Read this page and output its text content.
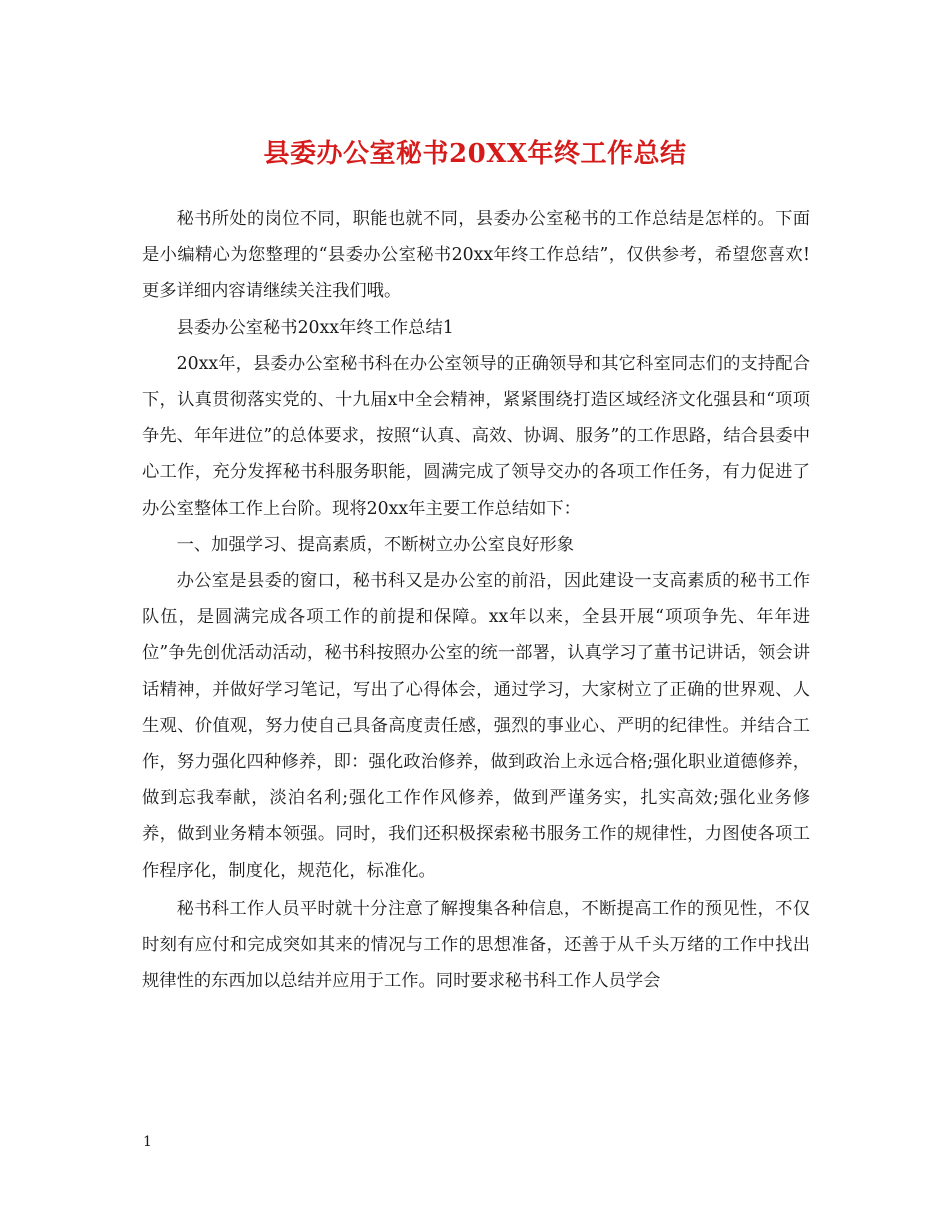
县委办公室秘书20XX年终工作总结

秘书所处的岗位不同，职能也就不同，县委办公室秘书的工作总结是怎样的。下面是小编精心为您整理的“县委办公室秘书20xx年终工作总结”，仅供参考，希望您喜欢!更多详细内容请继续关注我们哦。

县委办公室秘书20xx年终工作总结1

20xx年，县委办公室秘书科在办公室领导的正确领导和其它科室同志们的支持配合下，认真贯彻落实党的、十九届x中全会精神，紧紧围绕打造区域经济文化强县和“项项争先、年年进位”的总体要求，按照“认真、高效、协调、服务”的工作思路，结合县委中心工作，充分发挥秘书科服务职能，圆满完成了领导交办的各项工作任务，有力促进了办公室整体工作上台阶。现将20xx年主要工作总结如下：

一、加强学习、提高素质，不断树立办公室良好形象

办公室是县委的窗口，秘书科又是办公室的前沿，因此建设一支高素质的秘书工作队伍，是圆满完成各项工作的前提和保障。xx年以来，全县开展“项项争先、年年进位”争先创优活动活动，秘书科按照办公室的统一部署，认真学习了董书记讲话，领会讲话精神，并做好学习笔记，写出了心得体会，通过学习，大家树立了正确的世界观、人生观、价值观，努力使自己具备高度责任感，强烈的事业心、严明的纪律性。并结合工作，努力强化四种修养，即：强化政治修养，做到政治上永远合格;强化职业道德修养，做到忘我奉献，淡泊名利;强化工作作风修养，做到严谨务实，扎实高效;强化业务修养，做到业务精本领强。同时，我们还积极探索秘书服务工作的规律性，力图使各项工作程序化，制度化，规范化，标准化。

秘书科工作人员平时就十分注意了解搜集各种信息，不断提高工作的预见性，不仅时刻有应付和完成突如其来的情况与工作的思想准备，还善于从千头万绪的工作中找出规律性的东西加以总结并应用于工作。同时要求秘书科工作人员学会

1
